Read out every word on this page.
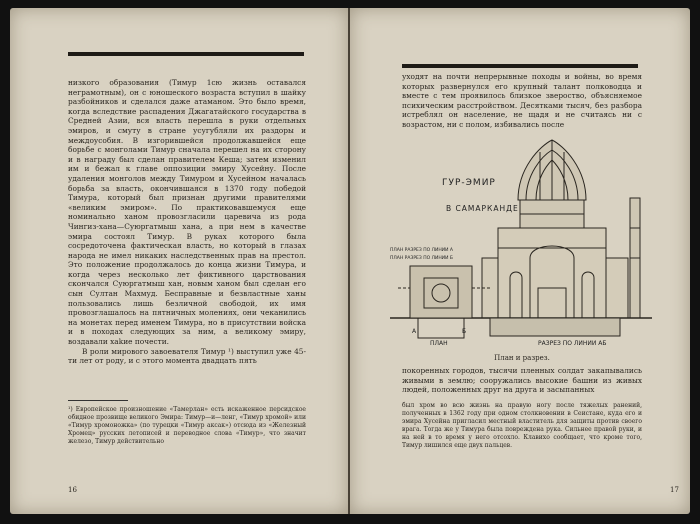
низкого образования (Тимур 1сю жизнь оставался неграмотным), он с юношеского возраста вступил в шайку разбойников и сделался даже атаманом. Это было время, когда вследствие распадения Джагатайского государства в Средней Азии, вся власть перешла в руки отдельных эмиров, и смуту в стране усугубляли их раздоры и междоусобия. В изгорившейся продолжавшейся еще борьбе с монголами Тимур сначала перешел на их сторону и в награду был сделан правителем Кеша; затем изменил им и бежал к главе оппозиции эмиру Хусейну. После удаления монголов между Тимуром и Хусейном началась борьба за власть, окончившаяся в 1370 году победой Тимура, который был признан другими правителями «великим эмиром». По практиковавшемуся еще номинально ханом провозгласили царевича из рода Чингиз-хана—Суюргатмыш хана, а при нем в качестве эмира состоял Тимур. В руках которого была сосредоточена фактическая власть, но который в глазах народа не имел никаких наследственных прав на престол. Это положение продолжалось до конца жизни Тимура, и когда через несколько лет фиктивного царствования скончался Суюргатмыш хан, новым ханом был сделан его сын Султан Махмуд. Бесправные и безвластные ханы пользовались лишь безличной свободой, их имя провозглашалось на пятничных молениях, они чеканились на монетах перед именем Тимура, но в присутствии войска и в походах следующих за ним, а великому эмиру, воздавали хаkие почести.

В роли мирового завоевателя Тимур ¹) выступил уже 45-ти лет от роду, и с этого момента двадцать пять

¹) Европейское произношение «Тамерлан» есть искаженное персидское обидное прозвище великого Эмира: Тимур—и—ленг, «Тимур хромой» или «Тимур хромоножка» (по турецки «Тимур аксак») отсюда из «Железный Хромец» русских летописей и переводное слова «Тимур», что значит железо, Тимур действительно
16
уходят на почти непрерывные походы и войны, во время которых развернулся его крупный талант полководца и вместе с тем проявилось близкое звероство, объясняемое психическим расстройством. Десятками тысяч, без разбора истреблял он население, не щадя и не считаясь ни с возрастом, ни с полом, избивались после
ГУР-ЭМИР
В САМАРКАНДЕ
ПЛАН РАЗРЕЗ ПО ЛИНИИ А
ПЛАН РАЗРЕЗ ПО ЛИНИИ Б
А	Б
ПЛАН	РАЗРЕЗ ПО ЛИНИИ АБ
План и разрез.
покоренных городов, тысячи пленных солдат закапывались живыми в землю; сооружались высокие башни из живых людей, положенных друг на друга и засыпанных
был хром во всю жизнь на правую ногу после тяжелых ранений, полученных в 1362 году при одном столкновении в Сеистане, куда его и эмира Хусейна пригласил местный властитель для защиты против своего врага. Тогда же у Тимура была повреждена рука. Сильнее правой руки, и на ней в то время у него отсохло. Клавихо сообщает, что кроме того, Тимур лишился еще двух пальцев.
17
